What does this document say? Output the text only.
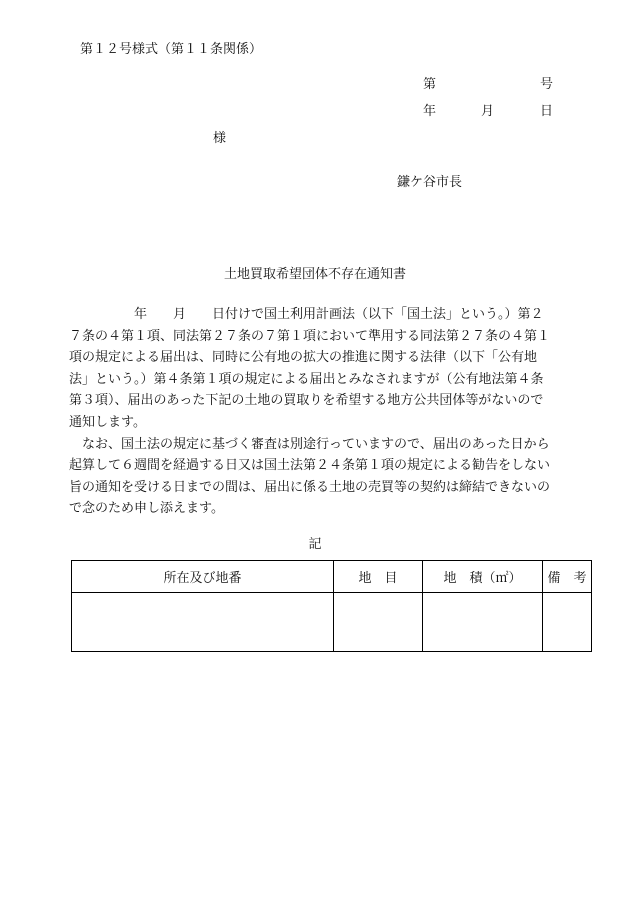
第１２号様式（第１１条関係）
第	号
年	月	日
様
鎌ケ谷市長
土地買取希望団体不存在通知書

　　　　　年　　月　　日付けで国土利用計画法（以下「国土法」という。）第２７条の４第１項、同法第２７条の７第１項において準用する同法第２７条の４第１項の規定による届出は、同時に公有地の拡大の推進に関する法律（以下「公有地法」という。）第４条第１項の規定による届出とみなされますが（公有地法第４条第３項）、届出のあった下記の土地の買取りを希望する地方公共団体等がないので通知します。

　なお、国土法の規定に基づく審査は別途行っていますので、届出のあった日から起算して６週間を経過する日又は国土法第２４条第１項の規定による勧告をしない旨の通知を受ける日までの間は、届出に係る土地の売買等の契約は締結できないので念のため申し添えます。

記
所在及び地番	地　目	地　積（㎡）	備　考
